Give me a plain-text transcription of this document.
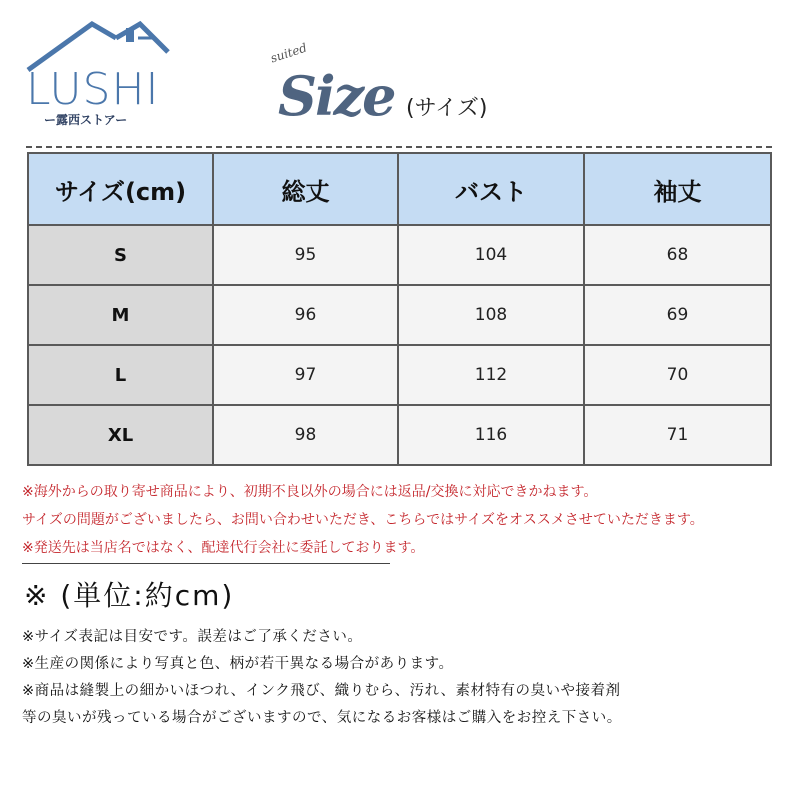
LUSHI
ー露西ストアー
suited
Size (サイズ)
サイズ(cm)	総丈	バスト	袖丈
S	95	104	68
M	96	108	69
L	97	112	70
XL	98	116	71
※海外からの取り寄せ商品により、初期不良以外の場合には返品/交換に対応できかねます。
サイズの問題がございましたら、お問い合わせいただき、こちらではサイズをオススメさせていただきます。
※発送先は当店名ではなく、配達代行会社に委託しております。
※ (単位:約cm)
※サイズ表記は目安です。誤差はご了承ください。
※生産の関係により写真と色、柄が若干異なる場合があります。
※商品は縫製上の細かいほつれ、インク飛び、織りむら、汚れ、素材特有の臭いや接着剤
等の臭いが残っている場合がございますので、気になるお客様はご購入をお控え下さい。
